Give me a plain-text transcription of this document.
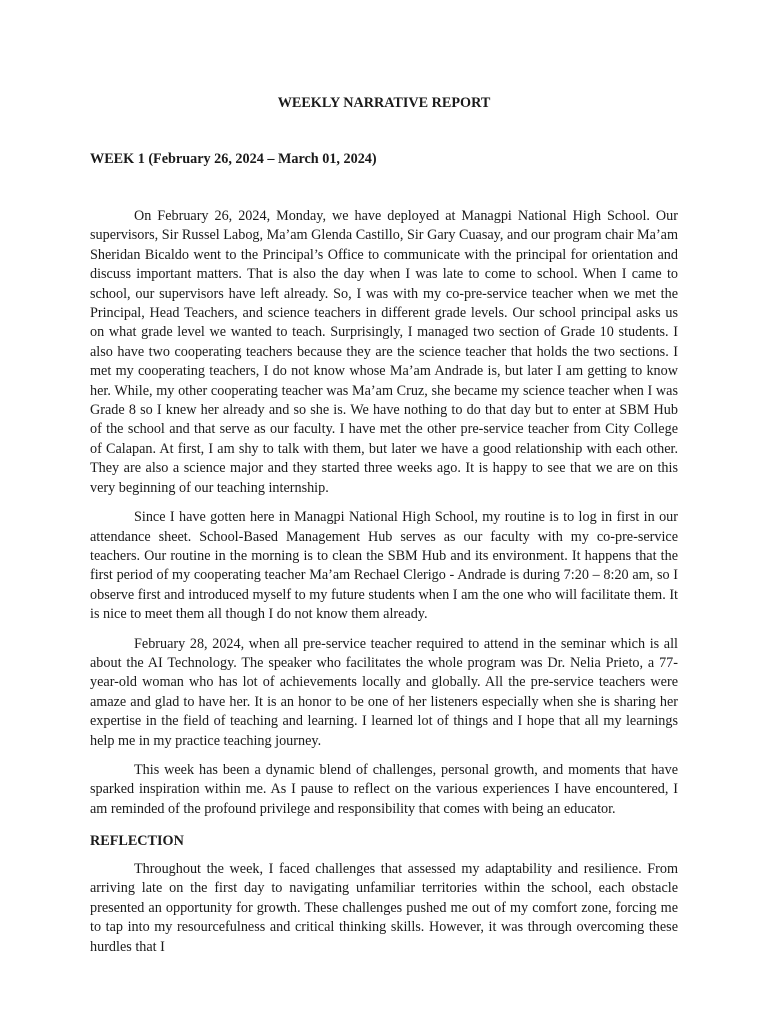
WEEKLY NARRATIVE REPORT
WEEK 1 (February 26, 2024 – March 01, 2024)

On February 26, 2024, Monday, we have deployed at Managpi National High School. Our supervisors, Sir Russel Labog, Ma’am Glenda Castillo, Sir Gary Cuasay, and our program chair Ma’am Sheridan Bicaldo went to the Principal’s Office to communicate with the principal for orientation and discuss important matters. That is also the day when I was late to come to school. When I came to school, our supervisors have left already. So, I was with my co-pre-service teacher when we met the Principal, Head Teachers, and science teachers in different grade levels. Our school principal asks us on what grade level we wanted to teach. Surprisingly, I managed two section of Grade 10 students. I also have two cooperating teachers because they are the science teacher that holds the two sections. I met my cooperating teachers, I do not know whose Ma’am Andrade is, but later I am getting to know her. While, my other cooperating teacher was Ma’am Cruz, she became my science teacher when I was Grade 8 so I knew her already and so she is. We have nothing to do that day but to enter at SBM Hub of the school and that serve as our faculty. I have met the other pre-service teacher from City College of Calapan. At first, I am shy to talk with them, but later we have a good relationship with each other. They are also a science major and they started three weeks ago. It is happy to see that we are on this very beginning of our teaching internship.

Since I have gotten here in Managpi National High School, my routine is to log in first in our attendance sheet. School-Based Management Hub serves as our faculty with my co-pre-service teachers. Our routine in the morning is to clean the SBM Hub and its environment. It happens that the first period of my cooperating teacher Ma’am Rechael Clerigo - Andrade is during 7:20 – 8:20 am, so I observe first and introduced myself to my future students when I am the one who will facilitate them. It is nice to meet them all though I do not know them already.

February 28, 2024, when all pre-service teacher required to attend in the seminar which is all about the AI Technology. The speaker who facilitates the whole program was Dr. Nelia Prieto, a 77-year-old woman who has lot of achievements locally and globally. All the pre-service teachers were amaze and glad to have her. It is an honor to be one of her listeners especially when she is sharing her expertise in the field of teaching and learning. I learned lot of things and I hope that all my learnings help me in my practice teaching journey.

This week has been a dynamic blend of challenges, personal growth, and moments that have sparked inspiration within me. As I pause to reflect on the various experiences I have encountered, I am reminded of the profound privilege and responsibility that comes with being an educator.

REFLECTION

Throughout the week, I faced challenges that assessed my adaptability and resilience. From arriving late on the first day to navigating unfamiliar territories within the school, each obstacle presented an opportunity for growth. These challenges pushed me out of my comfort zone, forcing me to tap into my resourcefulness and critical thinking skills. However, it was through overcoming these hurdles that I
